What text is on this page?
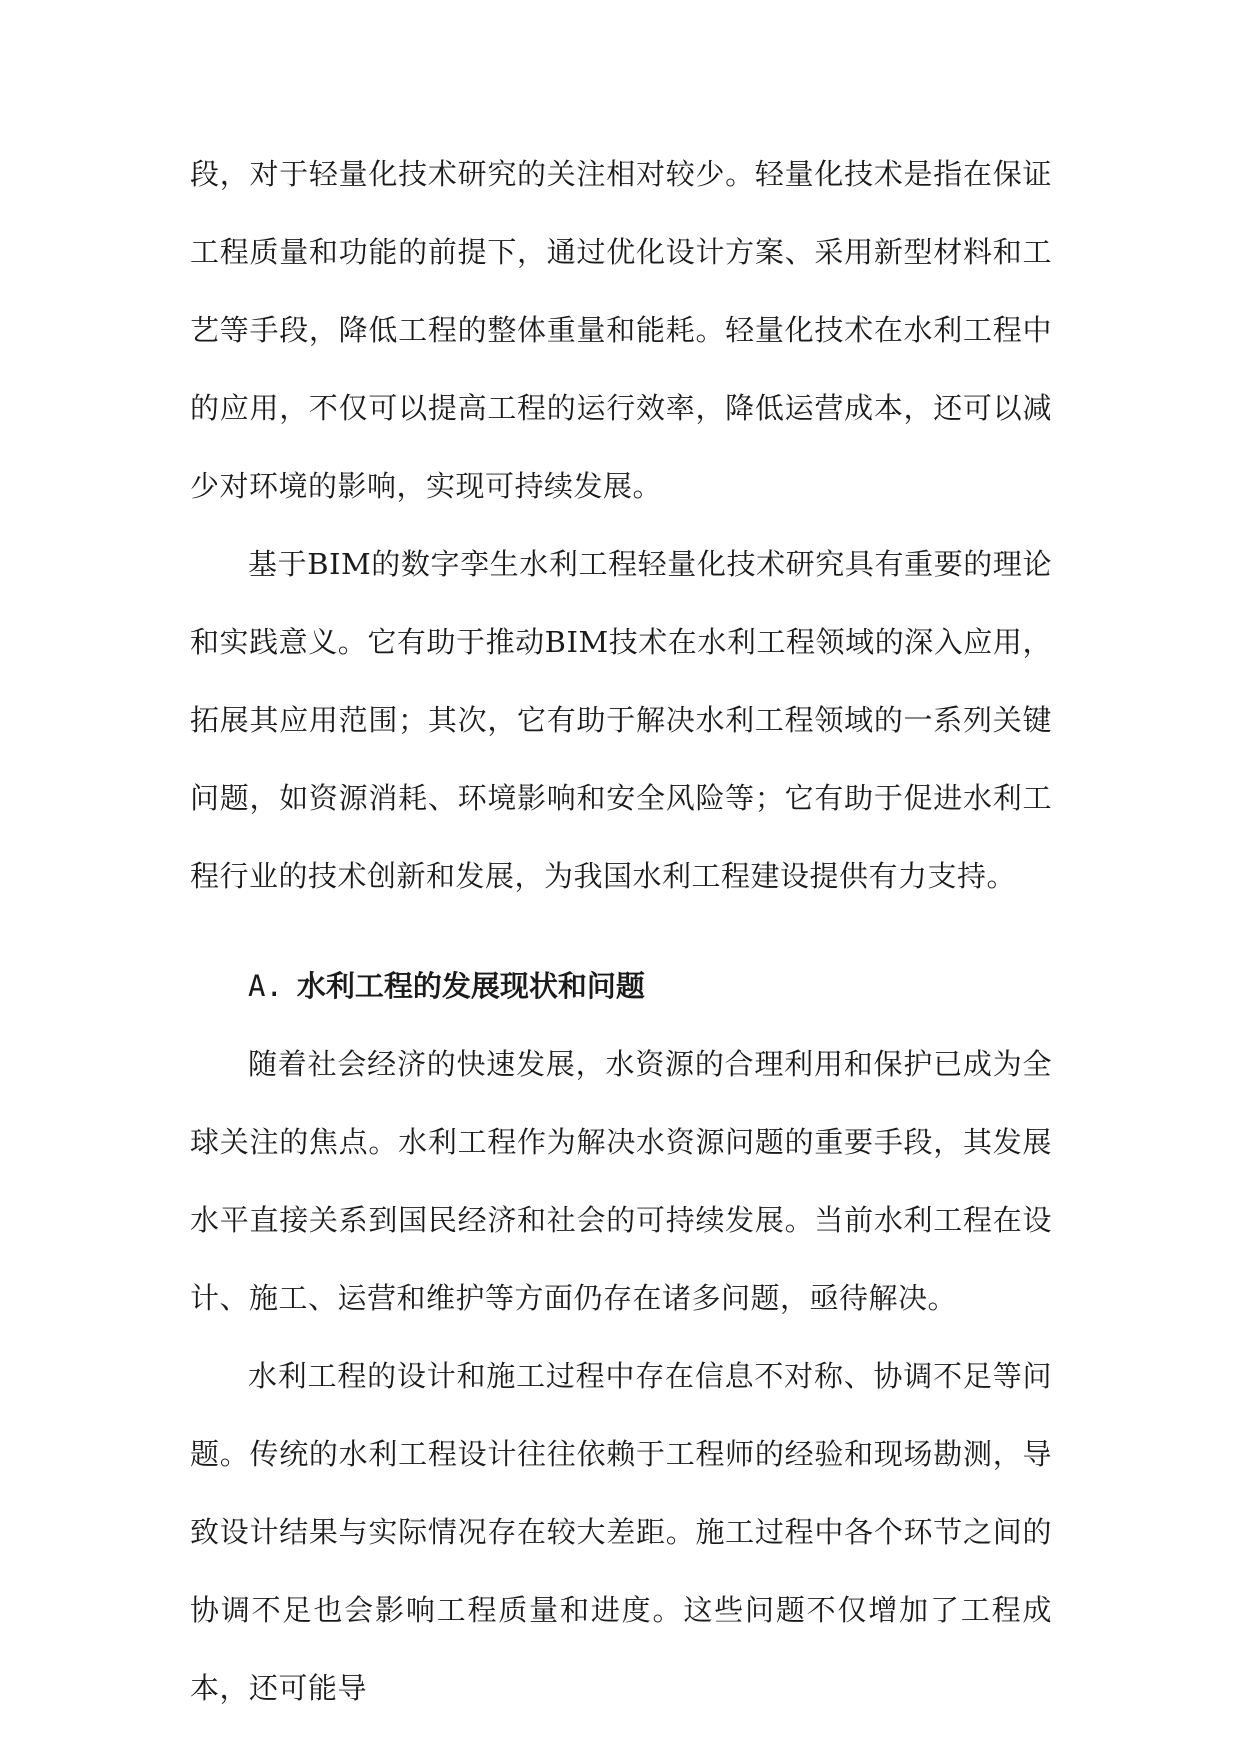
段，对于轻量化技术研究的关注相对较少。轻量化技术是指在保证工程质量和功能的前提下，通过优化设计方案、采用新型材料和工艺等手段，降低工程的整体重量和能耗。轻量化技术在水利工程中的应用，不仅可以提高工程的运行效率，降低运营成本，还可以减少对环境的影响，实现可持续发展。

基于BIM的数字孪生水利工程轻量化技术研究具有重要的理论和实践意义。它有助于推动BIM技术在水利工程领域的深入应用，拓展其应用范围；其次，它有助于解决水利工程领域的一系列关键问题，如资源消耗、环境影响和安全风险等；它有助于促进水利工程行业的技术创新和发展，为我国水利工程建设提供有力支持。

A. 水利工程的发展现状和问题

随着社会经济的快速发展，水资源的合理利用和保护已成为全球关注的焦点。水利工程作为解决水资源问题的重要手段，其发展水平直接关系到国民经济和社会的可持续发展。当前水利工程在设计、施工、运营和维护等方面仍存在诸多问题，亟待解决。

水利工程的设计和施工过程中存在信息不对称、协调不足等问题。传统的水利工程设计往往依赖于工程师的经验和现场勘测，导致设计结果与实际情况存在较大差距。施工过程中各个环节之间的协调不足也会影响工程质量和进度。这些问题不仅增加了工程成本，还可能导
